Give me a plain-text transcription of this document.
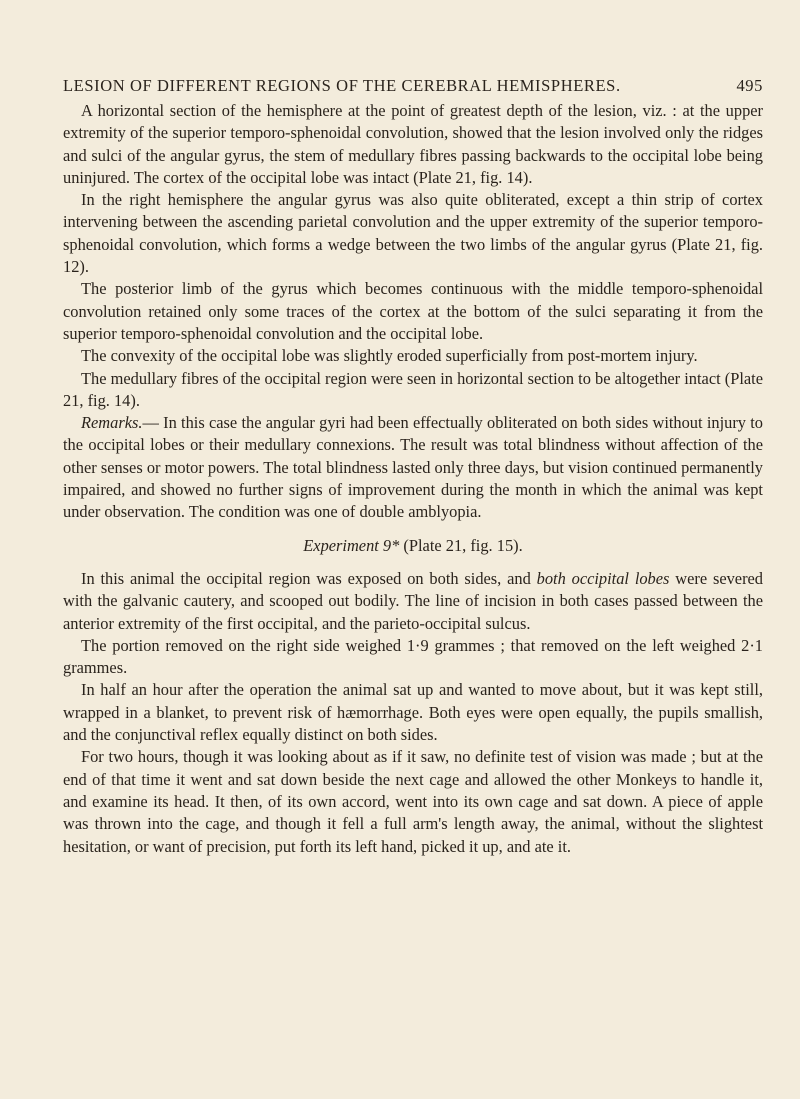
LESION OF DIFFERENT REGIONS OF THE CEREBRAL HEMISPHERES.	495

A horizontal section of the hemisphere at the point of greatest depth of the lesion, viz. : at the upper extremity of the superior temporo-sphenoidal convolution, showed that the lesion involved only the ridges and sulci of the angular gyrus, the stem of medullary fibres passing backwards to the occipital lobe being uninjured. The cortex of the occipital lobe was intact (Plate 21, fig. 14).

In the right hemisphere the angular gyrus was also quite obliterated, except a thin strip of cortex intervening between the ascending parietal convolution and the upper extremity of the superior temporo-sphenoidal convolution, which forms a wedge between the two limbs of the angular gyrus (Plate 21, fig. 12).

The posterior limb of the gyrus which becomes continuous with the middle temporo-sphenoidal convolution retained only some traces of the cortex at the bottom of the sulci separating it from the superior temporo-sphenoidal convolution and the occipital lobe.

The convexity of the occipital lobe was slightly eroded superficially from post-mortem injury.

The medullary fibres of the occipital region were seen in horizontal section to be altogether intact (Plate 21, fig. 14).

Remarks.— In this case the angular gyri had been effectually obliterated on both sides without injury to the occipital lobes or their medullary connexions. The result was total blindness without affection of the other senses or motor powers. The total blindness lasted only three days, but vision continued permanently impaired, and showed no further signs of improvement during the month in which the animal was kept under observation. The condition was one of double amblyopia.

Experiment 9* (Plate 21, fig. 15).

In this animal the occipital region was exposed on both sides, and both occipital lobes were severed with the galvanic cautery, and scooped out bodily. The line of incision in both cases passed between the anterior extremity of the first occipital, and the parieto-occipital sulcus.

The portion removed on the right side weighed 1·9 grammes ; that removed on the left weighed 2·1 grammes.

In half an hour after the operation the animal sat up and wanted to move about, but it was kept still, wrapped in a blanket, to prevent risk of hæmorrhage. Both eyes were open equally, the pupils smallish, and the conjunctival reflex equally distinct on both sides.

For two hours, though it was looking about as if it saw, no definite test of vision was made ; but at the end of that time it went and sat down beside the next cage and allowed the other Monkeys to handle it, and examine its head. It then, of its own accord, went into its own cage and sat down. A piece of apple was thrown into the cage, and though it fell a full arm's length away, the animal, without the slightest hesitation, or want of precision, put forth its left hand, picked it up, and ate it.
